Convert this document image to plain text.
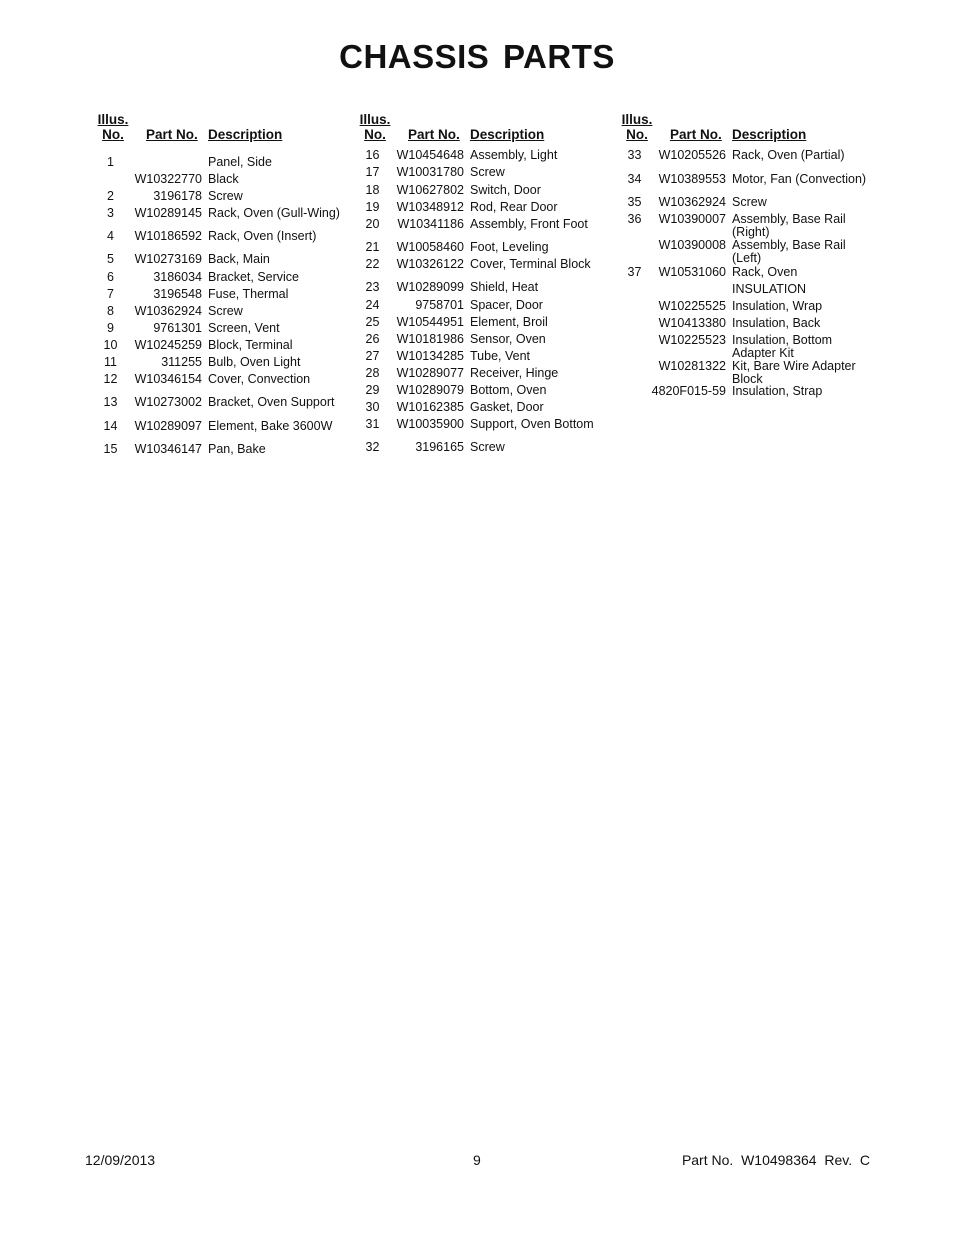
CHASSIS PARTS
Illus.
No.	Part No. Description
1	Panel, Side
W10322770 Black
2	3196178 Screw
3	W10289145 Rack, Oven (Gull-Wing)
4	W10186592 Rack, Oven (Insert)
5	W10273169 Back, Main
6	3186034 Bracket, Service
7	3196548 Fuse, Thermal
8	W10362924 Screw
9	9761301 Screen, Vent
10	W10245259 Block, Terminal
11	311255 Bulb, Oven Light
12	W10346154 Cover, Convection
13	W10273002 Bracket, Oven Support
14	W10289097 Element, Bake 3600W
15	W10346147 Pan, Bake
Illus.
No.	Part No. Description
16	W10454648 Assembly, Light
17	W10031780 Screw
18	W10627802 Switch, Door
19	W10348912 Rod, Rear Door
20	W10341186 Assembly, Front Foot
21	W10058460 Foot, Leveling
22	W10326122 Cover, Terminal Block
23	W10289099 Shield, Heat
24	9758701 Spacer, Door
25	W10544951 Element, Broil
26	W10181986 Sensor, Oven
27	W10134285 Tube, Vent
28	W10289077 Receiver, Hinge
29	W10289079 Bottom, Oven
30	W10162385 Gasket, Door
31	W10035900 Support, Oven Bottom
32	3196165 Screw
Illus.
No.	Part No. Description
33	W10205526 Rack, Oven (Partial)
34	W10389553 Motor, Fan (Convection)
35	W10362924 Screw
36	W10390007 Assembly, Base Rail (Right)
W10390008 Assembly, Base Rail (Left)
37	W10531060 Rack, Oven
INSULATION
W10225525 Insulation, Wrap
W10413380 Insulation, Back
W10225523 Insulation, Bottom Adapter Kit
W10281322 Kit, Bare Wire Adapter Block
4820F015-59 Insulation, Strap
12/09/2013	9	Part No.  W10498364  Rev.  C
